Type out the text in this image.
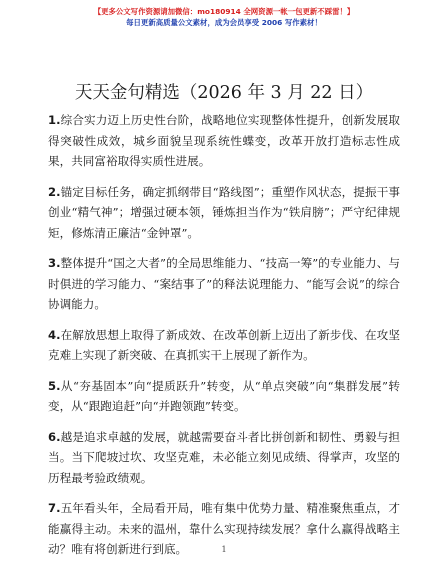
【更多公文写作资源请加微信：mo180914 全网资源一帐一包更新不踩雷！】
每日更新高质量公文素材，成为会员享受 2006 写作素材！
天天金句精选（2026 年 3 月 22 日）

1.综合实力迈上历史性台阶，战略地位实现整体性提升，创新发展取得突破性成效，城乡面貌呈现系统性蝶变，改革开放打造标志性成果，共同富裕取得实质性进展。

2.锚定目标任务，确定抓纲带目“路线图”；重塑作风状态，提振干事创业“精气神”；增强过硬本领，锤炼担当作为“铁肩膀”；严守纪律规矩，修炼清正廉洁“金钟罩”。

3.整体提升“国之大者”的全局思维能力、“技高一筹”的专业能力、与时俱进的学习能力、“案结事了”的释法说理能力、“能写会说”的综合协调能力。

4.在解放思想上取得了新成效、在改革创新上迈出了新步伐、在攻坚克难上实现了新突破、在真抓实干上展现了新作为。

5.从“夯基固本”向“提质跃升”转变，从“单点突破”向“集群发展”转变，从“跟跑追赶”向“并跑领跑”转变。

6.越是追求卓越的发展，就越需要奋斗者比拼创新和韧性、勇毅与担当。当下爬坡过坎、攻坚克难，未必能立刻见成绩、得掌声，攻坚的历程最考验政绩观。

7.五年看头年，全局看开局，唯有集中优势力量、精准聚焦重点，才能赢得主动。未来的温州，靠什么实现持续发展？拿什么赢得战略主动？唯有将创新进行到底。	1
